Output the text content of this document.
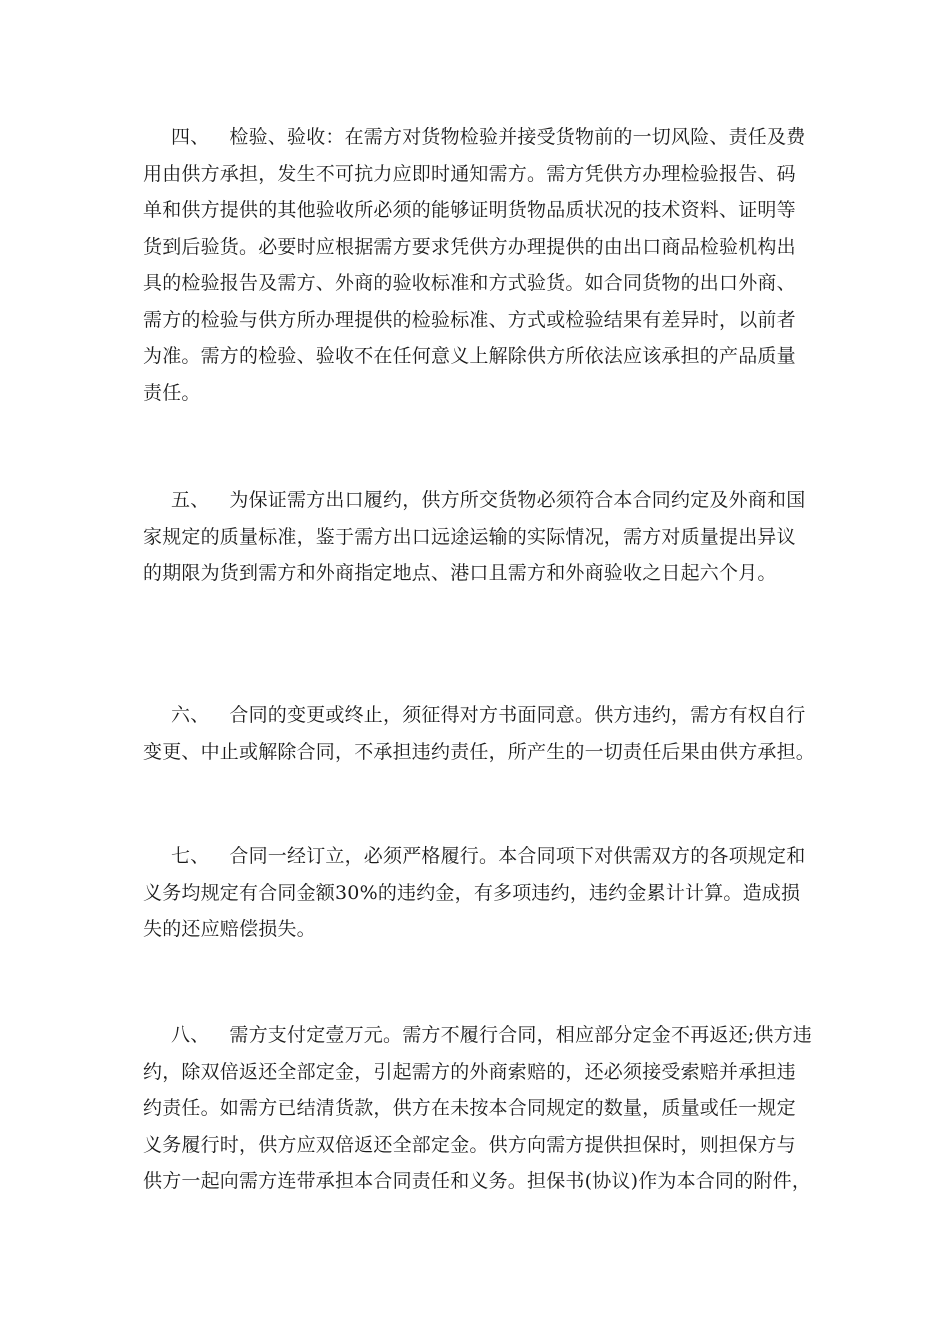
四、 检验、验收：在需方对货物检验并接受货物前的一切风险、责任及费
用由供方承担，发生不可抗力应即时通知需方。需方凭供方办理检验报告、码
单和供方提供的其他验收所必须的能够证明货物品质状况的技术资料、证明等
货到后验货。必要时应根据需方要求凭供方办理提供的由出口商品检验机构出
具的检验报告及需方、外商的验收标准和方式验货。如合同货物的出口外商、
需方的检验与供方所办理提供的检验标准、方式或检验结果有差异时，以前者
为准。需方的检验、验收不在任何意义上解除供方所依法应该承担的产品质量
责任。
五、 为保证需方出口履约，供方所交货物必须符合本合同约定及外商和国
家规定的质量标准，鉴于需方出口远途运输的实际情况，需方对质量提出异议
的期限为货到需方和外商指定地点、港口且需方和外商验收之日起六个月。
六、 合同的变更或终止，须征得对方书面同意。供方违约，需方有权自行
变更、中止或解除合同，不承担违约责任，所产生的一切责任后果由供方承担。
七、 合同一经订立，必须严格履行。本合同项下对供需双方的各项规定和
义务均规定有合同金额30%的违约金，有多项违约，违约金累计计算。造成损
失的还应赔偿损失。
八、 需方支付定壹万元。需方不履行合同，相应部分定金不再返还;供方违
约，除双倍返还全部定金，引起需方的外商索赔的，还必须接受索赔并承担违
约责任。如需方已结清货款，供方在未按本合同规定的数量，质量或任一规定
义务履行时，供方应双倍返还全部定金。供方向需方提供担保时，则担保方与
供方一起向需方连带承担本合同责任和义务。担保书(协议)作为本合同的附件，
